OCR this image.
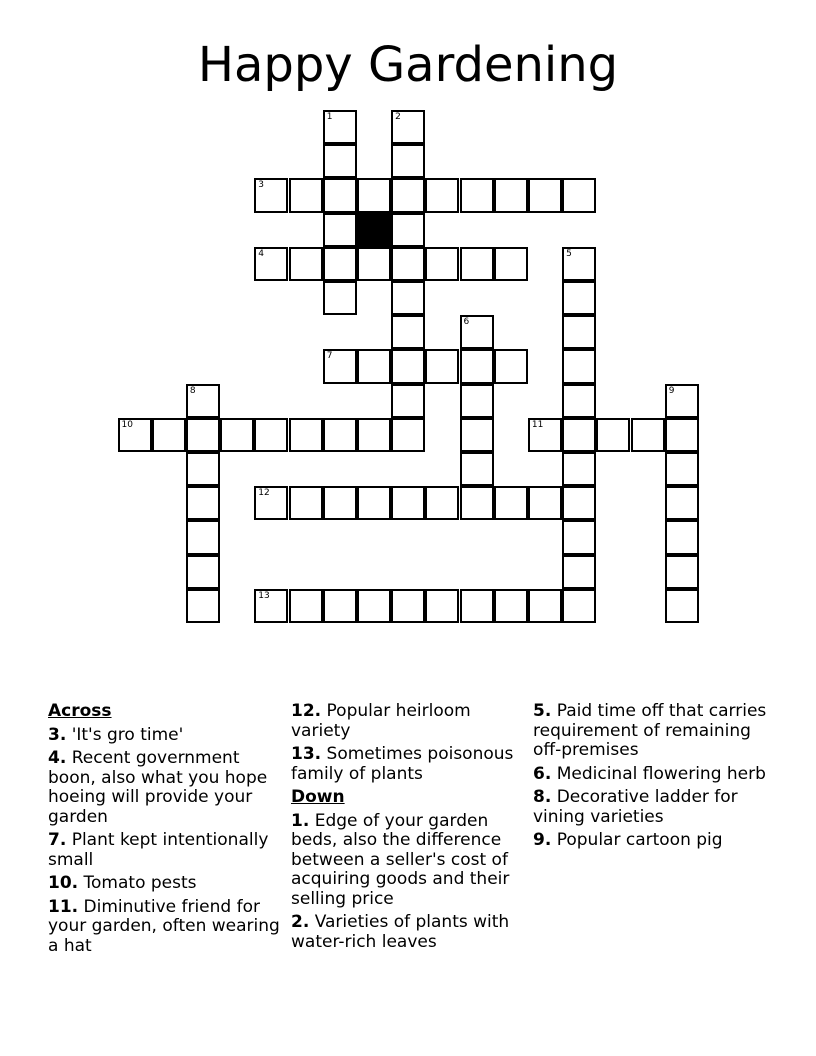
Happy Gardening
1	2
3
4	5
6
7
8	9
10	11
12
13
Across
3. 'It's gro time'
4. Recent government boon, also what you hope hoeing will provide your garden
7. Plant kept intentionally small
10. Tomato pests
11. Diminutive friend for your garden, often wearing a hat
12. Popular heirloom variety
13. Sometimes poisonous family of plants
Down
1. Edge of your garden beds, also the difference between a seller's cost of acquiring goods and their selling price
2. Varieties of plants with water-rich leaves
5. Paid time off that carries requirement of remaining off-premises
6. Medicinal flowering herb
8. Decorative ladder for vining varieties
9. Popular cartoon pig
